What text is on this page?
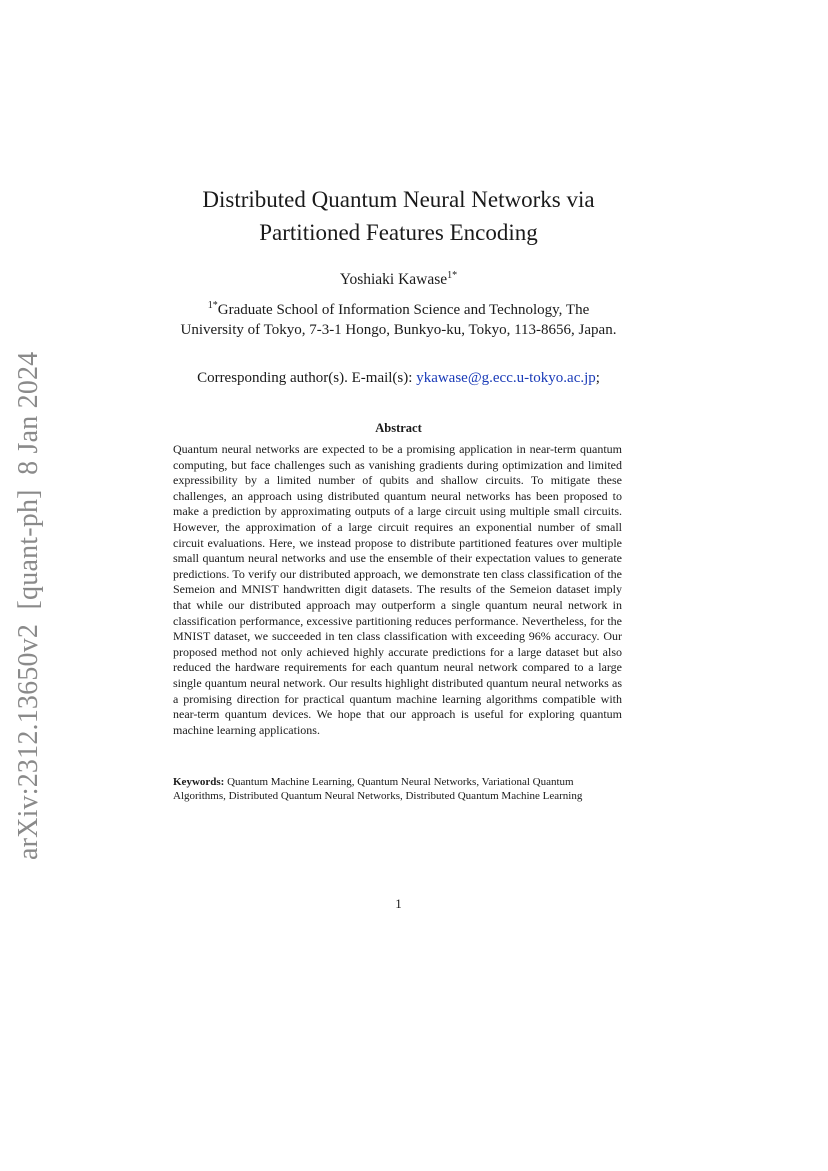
arXiv:2312.13650v2  [quant-ph]  8 Jan 2024
Distributed Quantum Neural Networks via
Partitioned Features Encoding
Yoshiaki Kawase$^{1*}$
$^{1*}$Graduate School of Information Science and Technology, The
University of Tokyo, 7-3-1 Hongo, Bunkyo-ku, Tokyo, 113-8656, Japan.
Corresponding author(s). E-mail(s): ykawase@g.ecc.u-tokyo.ac.jp;
Abstract
Quantum neural networks are expected to be a promising application in near-term quantum computing, but face challenges such as vanishing gradients during optimization and limited expressibility by a limited number of qubits and shallow circuits. To mitigate these challenges, an approach using distributed quantum neural networks has been proposed to make a prediction by approximating outputs of a large circuit using multiple small circuits. However, the approximation of a large circuit requires an exponential number of small circuit evaluations. Here, we instead propose to distribute partitioned features over multiple small quantum neural networks and use the ensemble of their expectation values to generate predictions. To verify our distributed approach, we demonstrate ten class classification of the Semeion and MNIST handwritten digit datasets. The results of the Semeion dataset imply that while our distributed approach may outperform a single quantum neural network in classification performance, excessive partitioning reduces performance. Nevertheless, for the MNIST dataset, we succeeded in ten class classification with exceeding 96% accuracy. Our proposed method not only achieved highly accurate predictions for a large dataset but also reduced the hardware requirements for each quantum neural network compared to a large single quantum neural network. Our results highlight distributed quantum neural networks as a promising direction for practical quantum machine learning algorithms compatible with near-term quantum devices. We hope that our approach is useful for exploring quantum machine learning applications.
Keywords: Quantum Machine Learning, Quantum Neural Networks, Variational Quantum Algorithms, Distributed Quantum Neural Networks, Distributed Quantum Machine Learning
1
